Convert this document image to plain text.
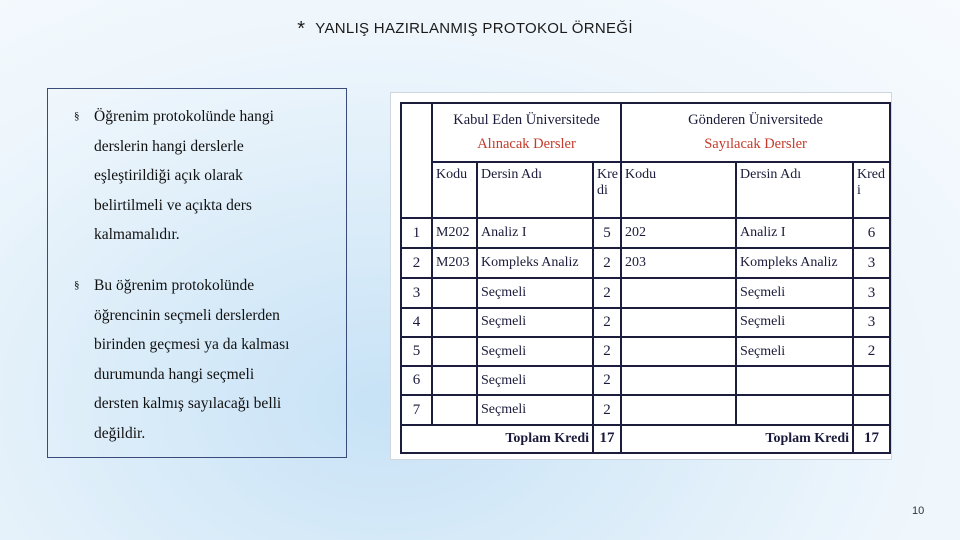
* YANLIŞ HAZIRLANMIŞ PROTOKOL ÖRNEĞİ
§ Öğrenim protokolünde hangi
derslerin hangi derslerle
eşleştirildiği açık olarak
belirtilmeli ve açıkta ders
kalmamalıdır.
§ Bu öğrenim protokolünde
öğrencinin seçmeli derslerden
birinden geçmesi ya da kalması
durumunda hangi seçmeli
dersten kalmış sayılacağı belli
değildir.
	Kabul Eden Üniversitede
Alınacak Dersler			Gönderen Üniversitede
Sayılacak Dersler		

	Kodu	Dersin Adı	Kre di	Kodu	Dersin Adı	Kred i
1	M202	Analiz I	5	202	Analiz I	6
2	M203	Kompleks Analiz	2	203	Kompleks Analiz	3
3		Seçmeli	2		Seçmeli	3
4		Seçmeli	2		Seçmeli	3
5		Seçmeli	2		Seçmeli	2
6		Seçmeli	2			
7		Seçmeli	2			
Toplam Kredi			17	Toplam Kredi		17
10
